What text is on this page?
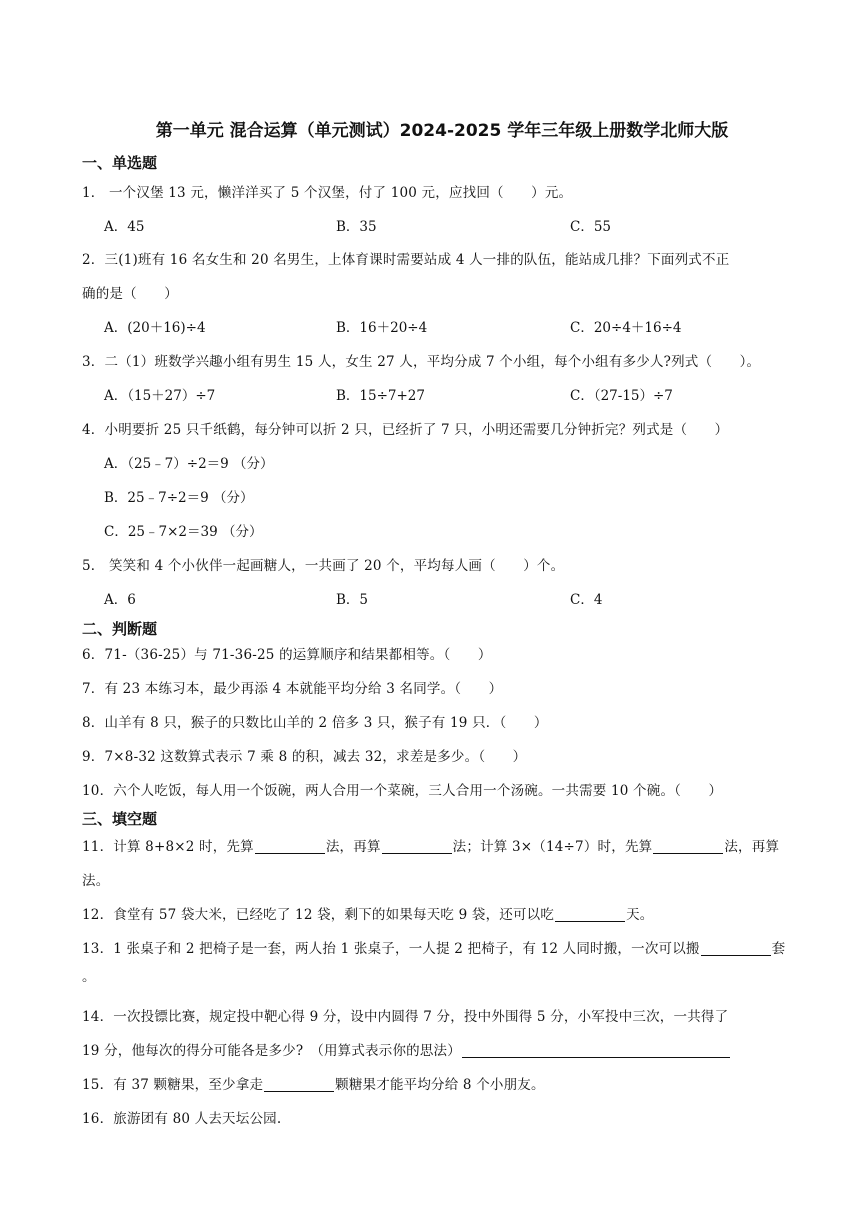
第一单元 混合运算（单元测试）2024-2025 学年三年级上册数学北师大版
一、单选题
1． 一个汉堡 13 元，懒洋洋买了 5 个汉堡，付了 100 元，应找回（　　）元。
A．45	B．35	C．55
2．三(1)班有 16 名女生和 20 名男生，上体育课时需要站成 4 人一排的队伍，能站成几排？下面列式不正
确的是（　　）
A．(20＋16)÷4	B．16＋20÷4	C．20÷4＋16÷4
3．二（1）班数学兴趣小组有男生 15 人，女生 27 人，平均分成 7 个小组，每个小组有多少人?列式（　　）。
A．（15＋27）÷7	B．15÷7+27	C．（27-15）÷7
4．小明要折 25 只千纸鹤，每分钟可以折 2 只，已经折了 7 只，小明还需要几分钟折完？列式是（　　）
A．（25﹣7）÷2＝9 （分）
B．25﹣7÷2＝9 （分）
C．25﹣7×2＝39 （分）
5． 笑笑和 4 个小伙伴一起画糖人，一共画了 20 个，平均每人画（　　）个。
A．6	B．5	C．4
二、判断题
6．71-（36-25）与 71-36-25 的运算顺序和结果都相等。（　　）
7．有 23 本练习本，最少再添 4 本就能平均分给 3 名同学。（　　）
8．山羊有 8 只，猴子的只数比山羊的 2 倍多 3 只，猴子有 19 只．（　　）
9．7×8-32 这数算式表示 7 乘 8 的积，减去 32，求差是多少。（　　）
10．六个人吃饭，每人用一个饭碗，两人合用一个菜碗，三人合用一个汤碗。一共需要 10 个碗。（　　）
三、填空题
11．计算 8+8×2 时，先算	法，再算	法；计算 3×（14÷7）时，先算	法，再算
法。
12．食堂有 57 袋大米，已经吃了 12 袋，剩下的如果每天吃 9 袋，还可以吃	天。
13．1 张桌子和 2 把椅子是一套，两人抬 1 张桌子，一人提 2 把椅子，有 12 人同时搬，一次可以搬	套
。
14．一次投镖比赛，规定投中靶心得 9 分，设中内圆得 7 分，投中外围得 5 分，小军投中三次，一共得了
19 分，他每次的得分可能各是多少?　（用算式表示你的思法）
15．有 37 颗糖果，至少拿走	颗糖果才能平均分给 8 个小朋友。
16．旅游团有 80 人去天坛公园.
